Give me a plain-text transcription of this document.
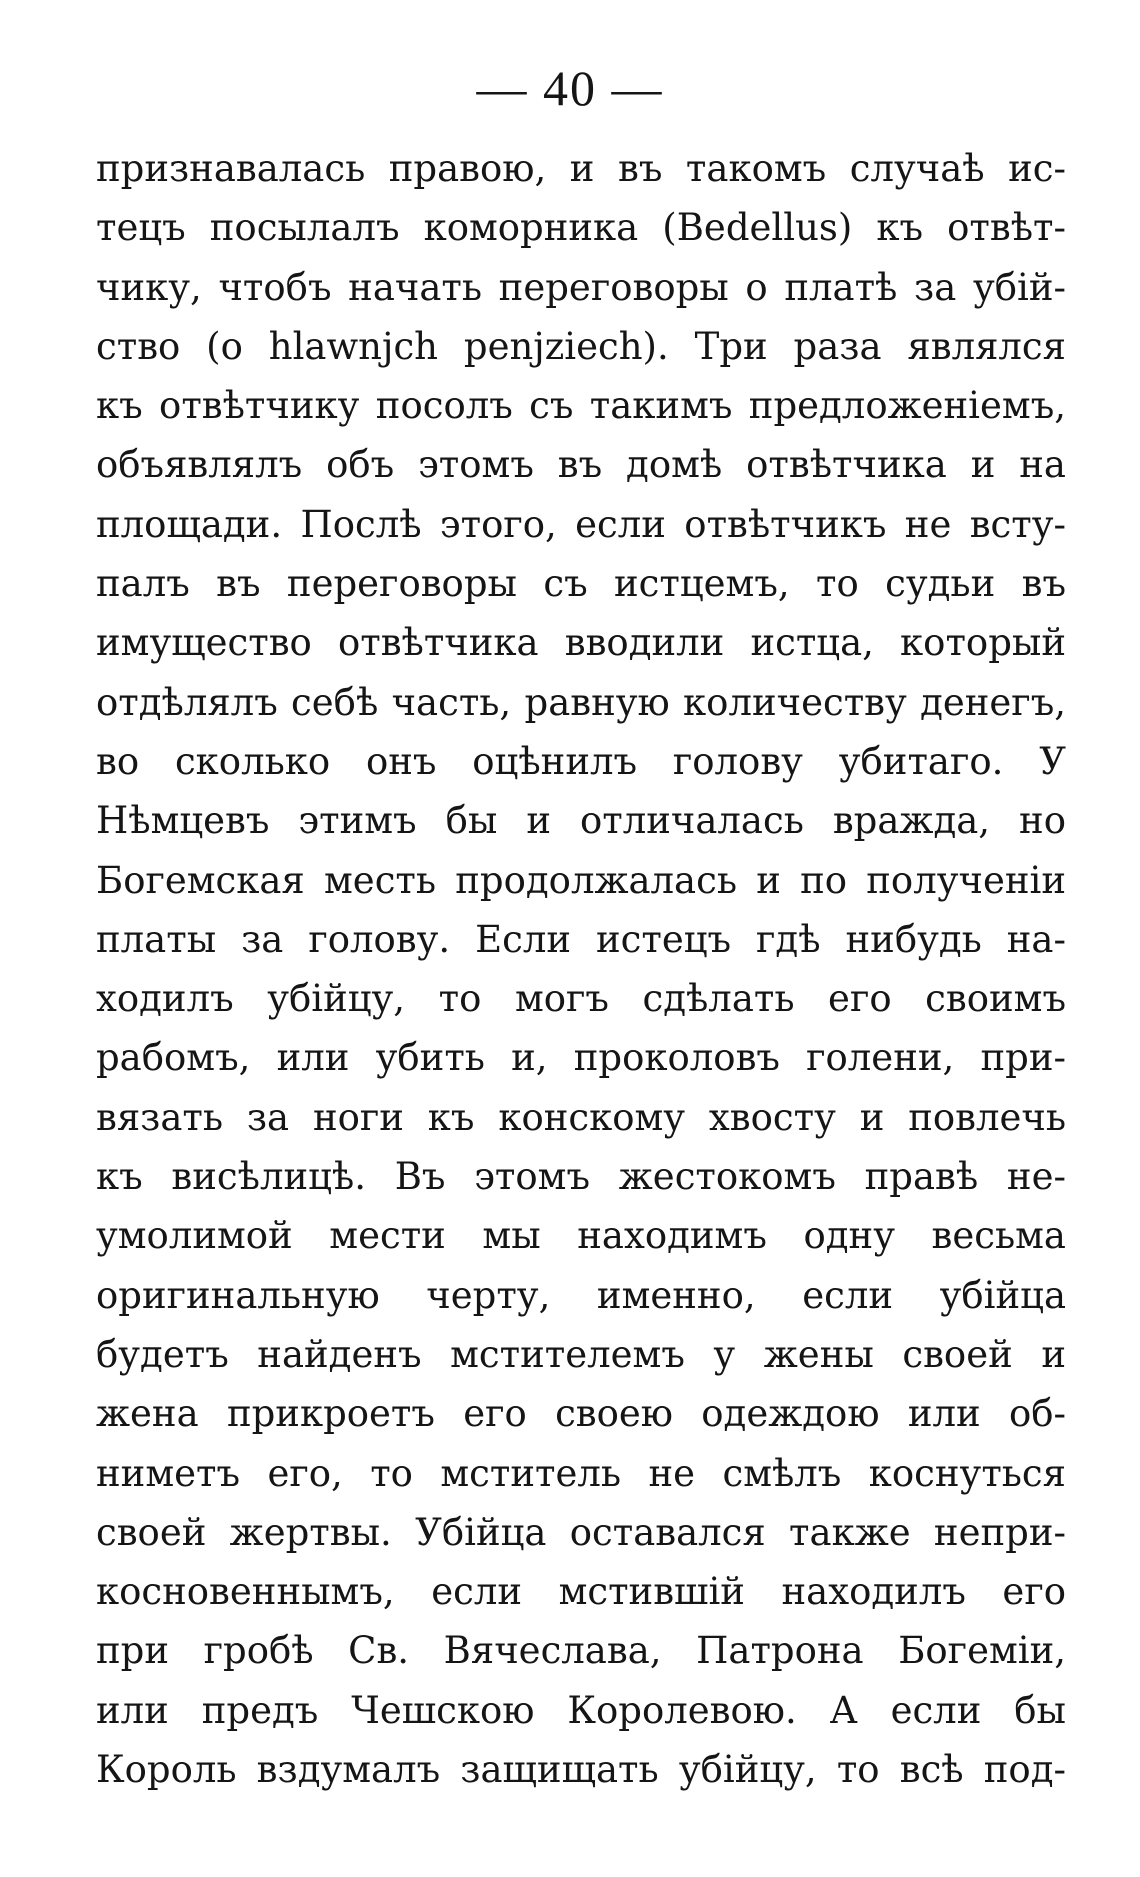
— 40 —
признавалась правою, и въ такомъ случаѣ ис-
тецъ посылалъ коморника (Bedellus) къ отвѣт-
чику, чтобъ начать переговоры о платѣ за убій-
ство (o hlawnjch penjziech). Три раза являлся
къ отвѣтчику посолъ съ такимъ предложеніемъ,
объявлялъ объ этомъ въ домѣ отвѣтчика и на
площади. Послѣ этого, если отвѣтчикъ не всту-
палъ въ переговоры съ истцемъ, то судьи въ
имущество отвѣтчика вводили истца, который
отдѣлялъ себѣ часть, равную количеству денегъ,
во сколько онъ оцѣнилъ голову убитаго. У
Нѣмцевъ этимъ бы и отличалась вражда, но
Богемская месть продолжалась и по полученіи
платы за голову. Если истецъ гдѣ нибудь на-
ходилъ убійцу, то могъ сдѣлать его своимъ
рабомъ, или убить и, проколовъ голени, при-
вязать за ноги къ конскому хвосту и повлечь
къ висѣлицѣ. Въ этомъ жестокомъ правѣ не-
умолимой мести мы находимъ одну весьма
оригинальную черту, именно, если убійца
будетъ найденъ мстителемъ у жены своей и
жена прикроетъ его своею одеждою или об-
ниметъ его, то мститель не смѣлъ коснуться
своей жертвы. Убійца оставался также непри-
косновеннымъ, если мстившій находилъ его
при гробѣ Св. Вячеслава, Патрона Богеміи,
или предъ Чешскою Королевою. А если бы
Король вздумалъ защищать убійцу, то всѣ под-
